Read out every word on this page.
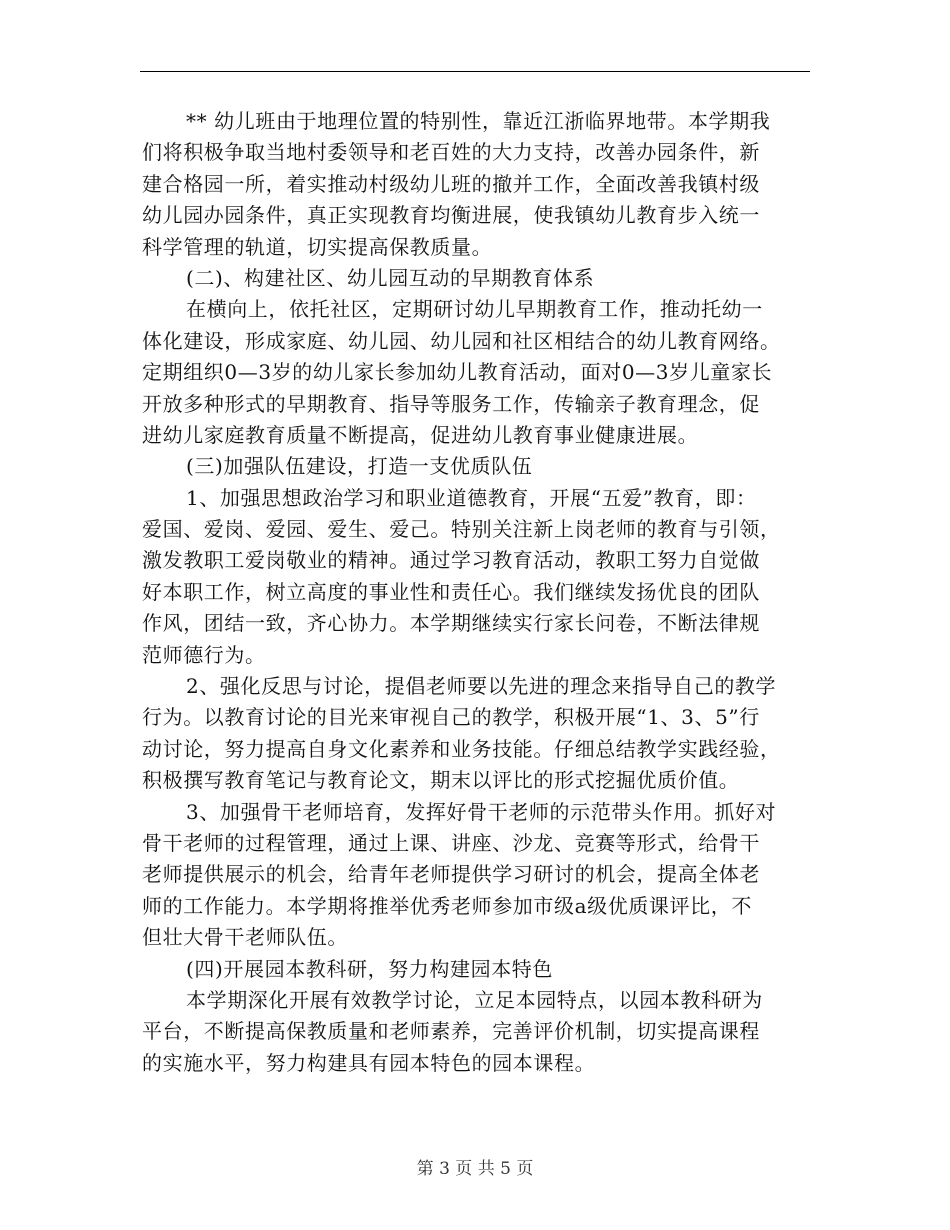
** 幼儿班由于地理位置的特别性，靠近江浙临界地带。本学期我
们将积极争取当地村委领导和老百姓的大力支持，改善办园条件，新
建合格园一所，着实推动村级幼儿班的撤并工作，全面改善我镇村级
幼儿园办园条件，真正实现教育均衡进展，使我镇幼儿教育步入统一
科学管理的轨道，切实提高保教质量。
(二)、构建社区、幼儿园互动的早期教育体系
在横向上，依托社区，定期研讨幼儿早期教育工作，推动托幼一
体化建设，形成家庭、幼儿园、幼儿园和社区相结合的幼儿教育网络。
定期组织0—3岁的幼儿家长参加幼儿教育活动，面对0—3岁儿童家长
开放多种形式的早期教育、指导等服务工作，传输亲子教育理念，促
进幼儿家庭教育质量不断提高，促进幼儿教育事业健康进展。
(三)加强队伍建设，打造一支优质队伍
1、加强思想政治学习和职业道德教育，开展“五爱”教育，即：
爱国、爱岗、爱园、爱生、爱己。特别关注新上岗老师的教育与引领，
激发教职工爱岗敬业的精神。通过学习教育活动，教职工努力自觉做
好本职工作，树立高度的事业性和责任心。我们继续发扬优良的团队
作风，团结一致，齐心协力。本学期继续实行家长问卷，不断法律规
范师德行为。
2、强化反思与讨论，提倡老师要以先进的理念来指导自己的教学
行为。以教育讨论的目光来审视自己的教学，积极开展“1、3、5”行
动讨论，努力提高自身文化素养和业务技能。仔细总结教学实践经验，
积极撰写教育笔记与教育论文，期末以评比的形式挖掘优质价值。
3、加强骨干老师培育，发挥好骨干老师的示范带头作用。抓好对
骨干老师的过程管理，通过上课、讲座、沙龙、竞赛等形式，给骨干
老师提供展示的机会，给青年老师提供学习研讨的机会，提高全体老
师的工作能力。本学期将推举优秀老师参加市级a级优质课评比，不
但壮大骨干老师队伍。
(四)开展园本教科研，努力构建园本特色
本学期深化开展有效教学讨论，立足本园特点，以园本教科研为
平台，不断提高保教质量和老师素养，完善评价机制，切实提高课程
的实施水平，努力构建具有园本特色的园本课程。
第 3 页 共 5 页
